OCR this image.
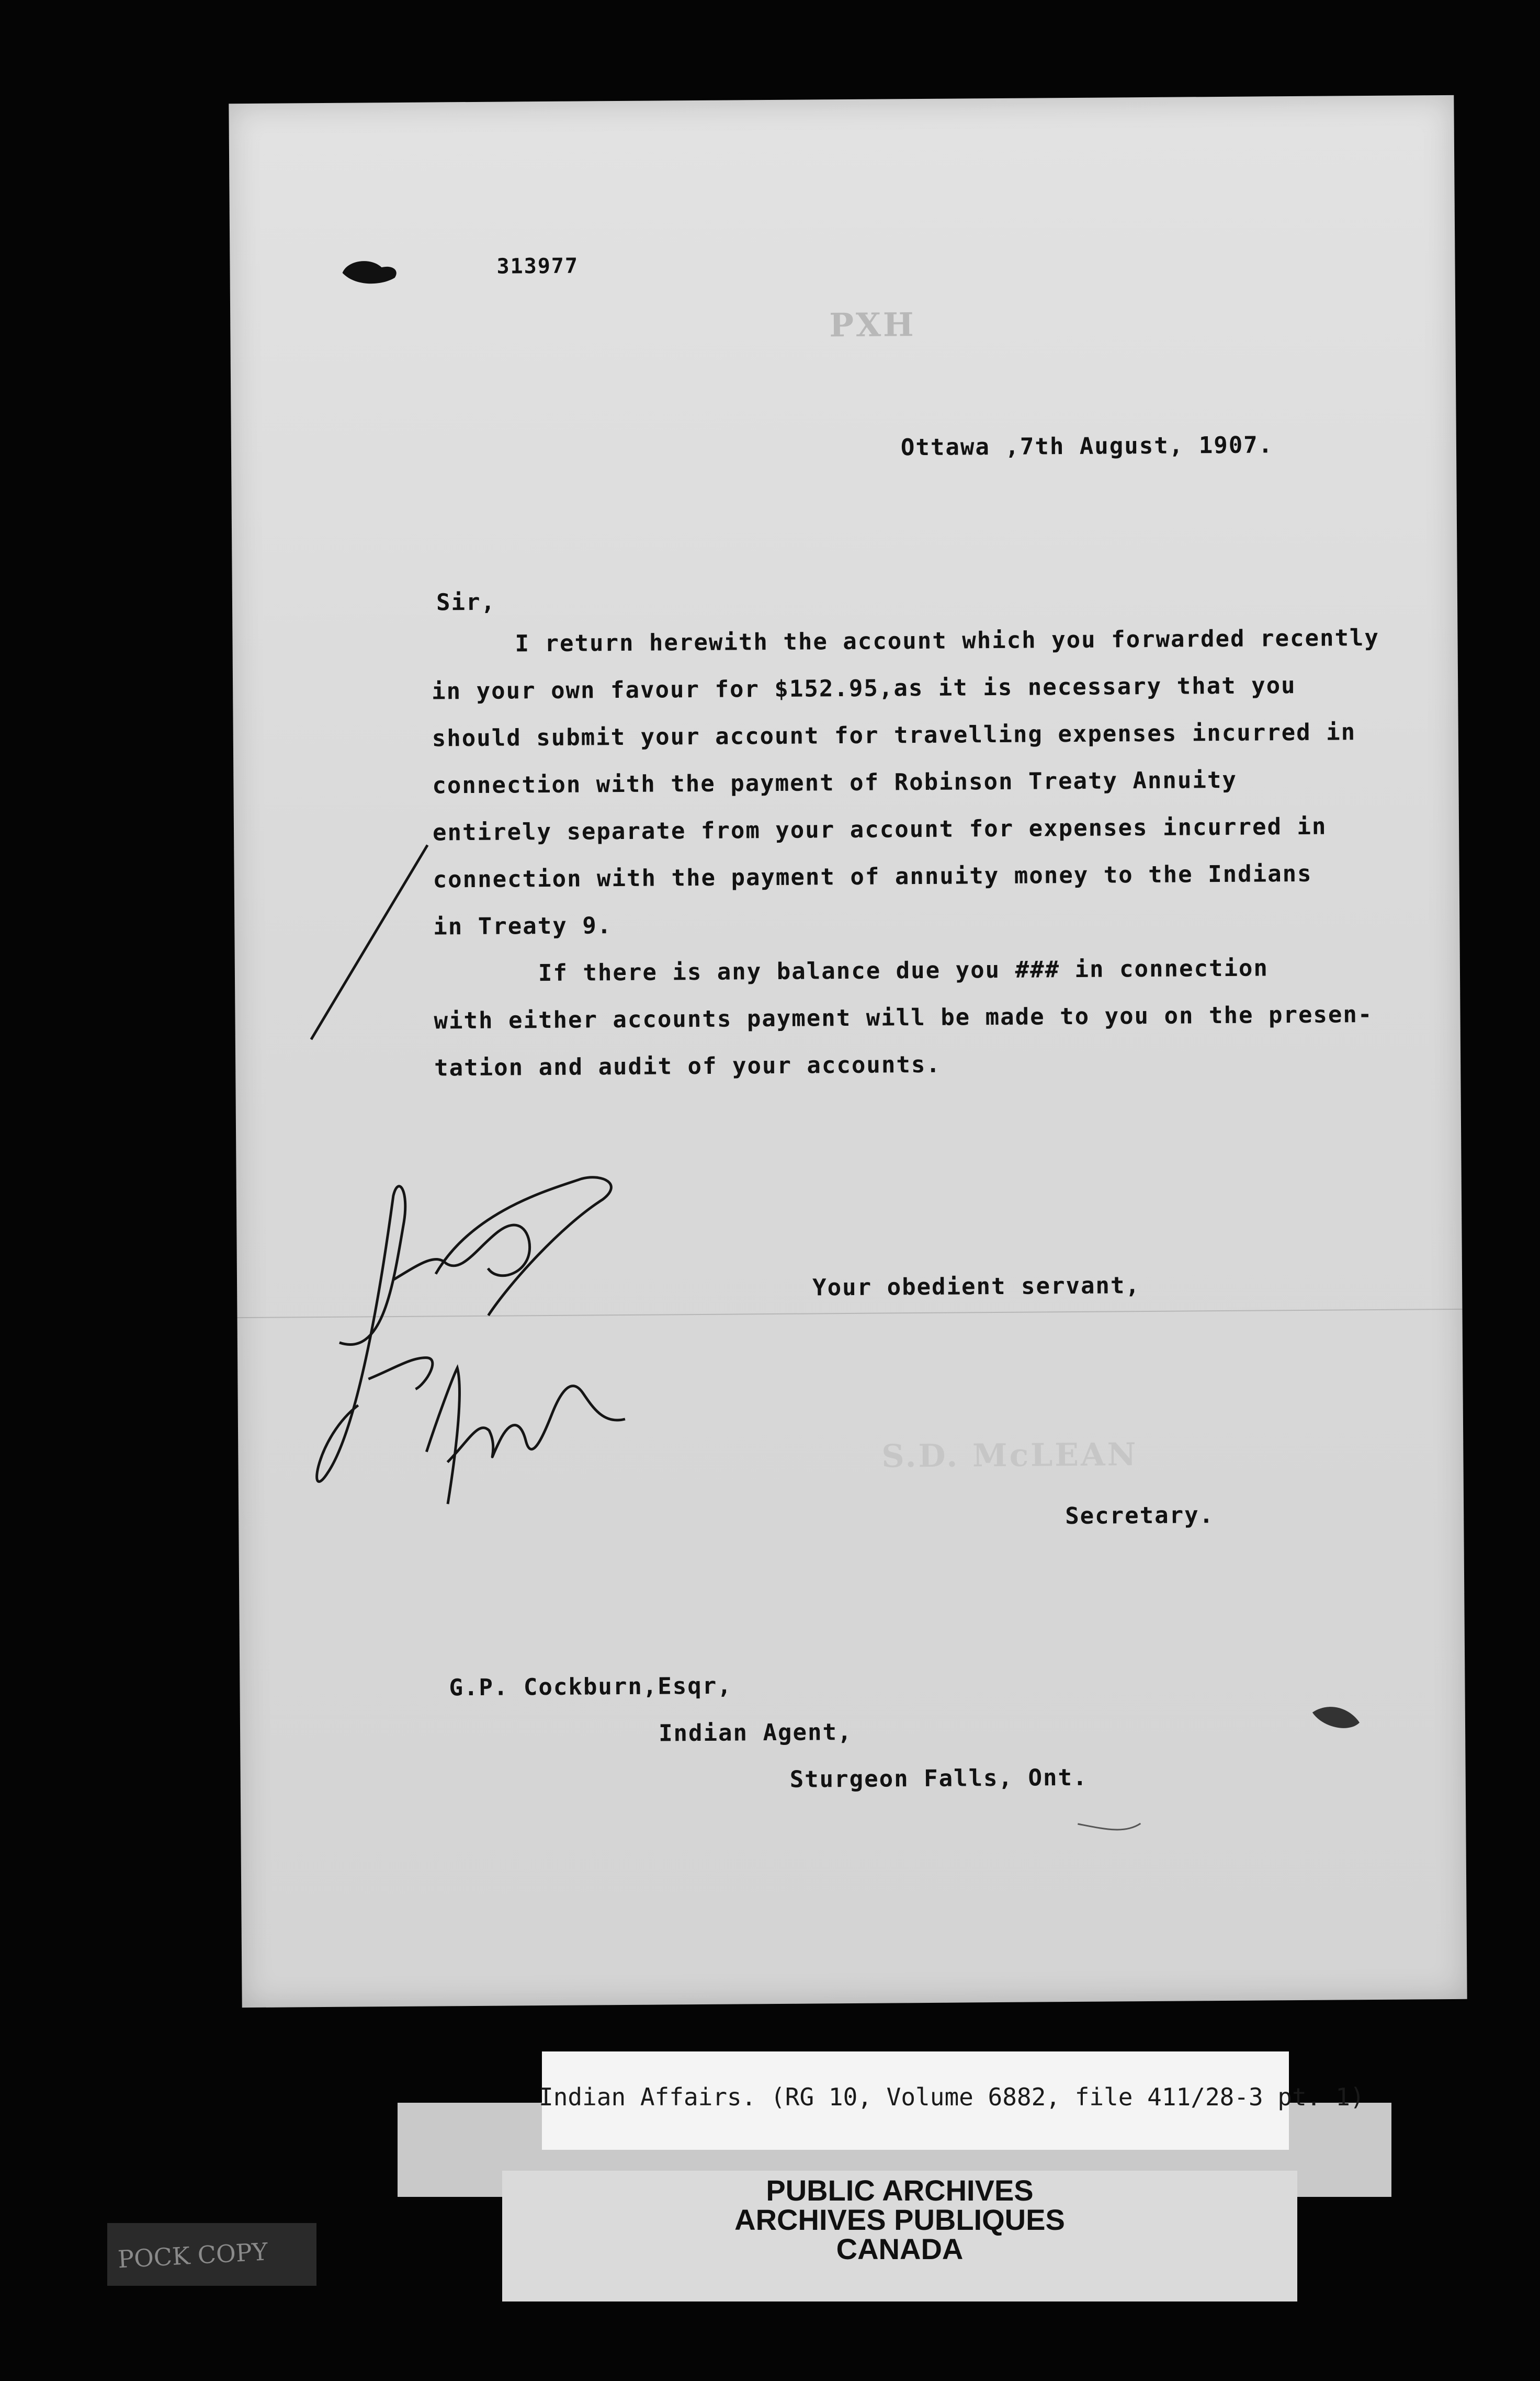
313977
PXH
Ottawa ,7th August, 1907.
Sir,
I return herewith the account which you forwarded recently
in your own favour for $152.95,as it is necessary that you
should submit your account for travelling expenses incurred in
connection with the payment of Robinson Treaty Annuity
entirely separate from your account for expenses incurred in
connection with the payment of annuity money to the Indians
in Treaty 9.
If there is any balance due you ### in connection
with either accounts payment will be made to you on the presen-
tation and audit of your accounts.
Your obedient servant,
S.D. McLEAN
Secretary.
G.P. Cockburn,Esqr,
Indian Agent,
Sturgeon Falls, Ont.
Indian Affairs. (RG 10, Volume 6882, file 411/28-3 pt. 1)
PUBLIC ARCHIVES
ARCHIVES PUBLIQUES
CANADA
POCK COPY
